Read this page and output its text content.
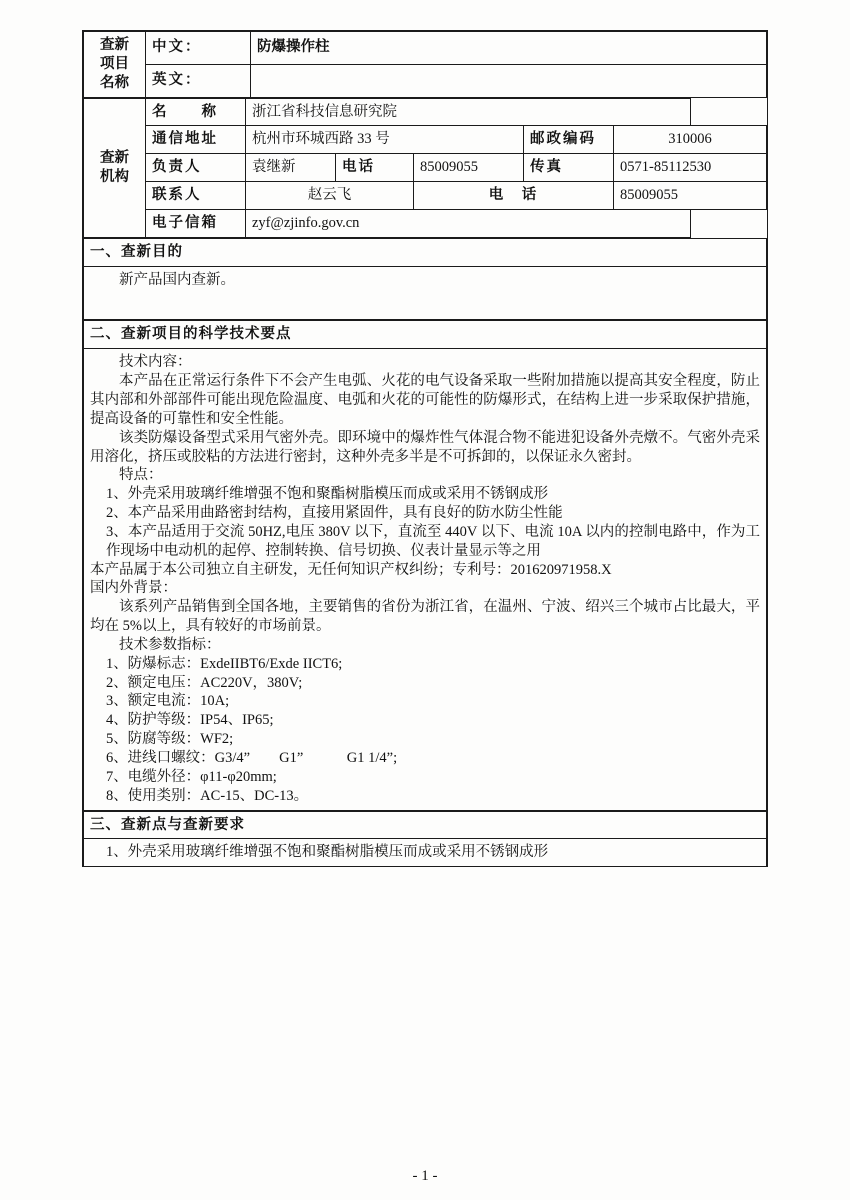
查新
项目
名称	中文：	防爆操作柱
	英文：	
查新
机构	名　　称	浙江省科技信息研究院				
	通信地址	杭州市环城西路 33 号			邮政编码	310006
	负责人	袁继新	电话	85009055	传真	0571-85112530
	联系人	赵云飞		电　话		85009055
	电子信箱	zyf@zjinfo.gov.cn				
一、查新目的

新产品国内查新。

二、查新项目的科学技术要点

技术内容：

本产品在正常运行条件下不会产生电弧、火花的电气设备采取一些附加措施以提高其安全程度，防止其内部和外部部件可能出现危险温度、电弧和火花的可能性的防爆形式，在结构上进一步采取保护措施，提高设备的可靠性和安全性能。

该类防爆设备型式采用气密外壳。即环境中的爆炸性气体混合物不能进犯设备外壳燉不。气密外壳采用溶化，挤压或胶粘的方法进行密封，这种外壳多半是不可拆卸的，以保证永久密封。

特点：

1、外壳采用玻璃纤维增强不饱和聚酯树脂模压而成或采用不锈钢成形

2、本产品采用曲路密封结构，直接用紧固件，具有良好的防水防尘性能

3、本产品适用于交流 50HZ,电压 380V 以下，直流至 440V 以下、电流 10A 以内的控制电路中，作为工作现场中电动机的起停、控制转换、信号切换、仪表计量显示等之用

本产品属于本公司独立自主研发，无任何知识产权纠纷；专利号：201620971958.X

国内外背景：

该系列产品销售到全国各地，主要销售的省份为浙江省，在温州、宁波、绍兴三个城市占比最大，平均在 5%以上，具有较好的市场前景。

技术参数指标：

1、防爆标志：ExdeIIBT6/Exde IICT6;

2、额定电压：AC220V，380V;

3、额定电流：10A;

4、防护等级：IP54、IP65;

5、防腐等级：WF2;

6、进线口螺纹：G3/4”　　G1”　　　G1 1/4”;

7、电缆外径：φ11-φ20mm;

8、使用类别：AC-15、DC-13。

三、查新点与查新要求

1、外壳采用玻璃纤维增强不饱和聚酯树脂模压而成或采用不锈钢成形

- 1 -
